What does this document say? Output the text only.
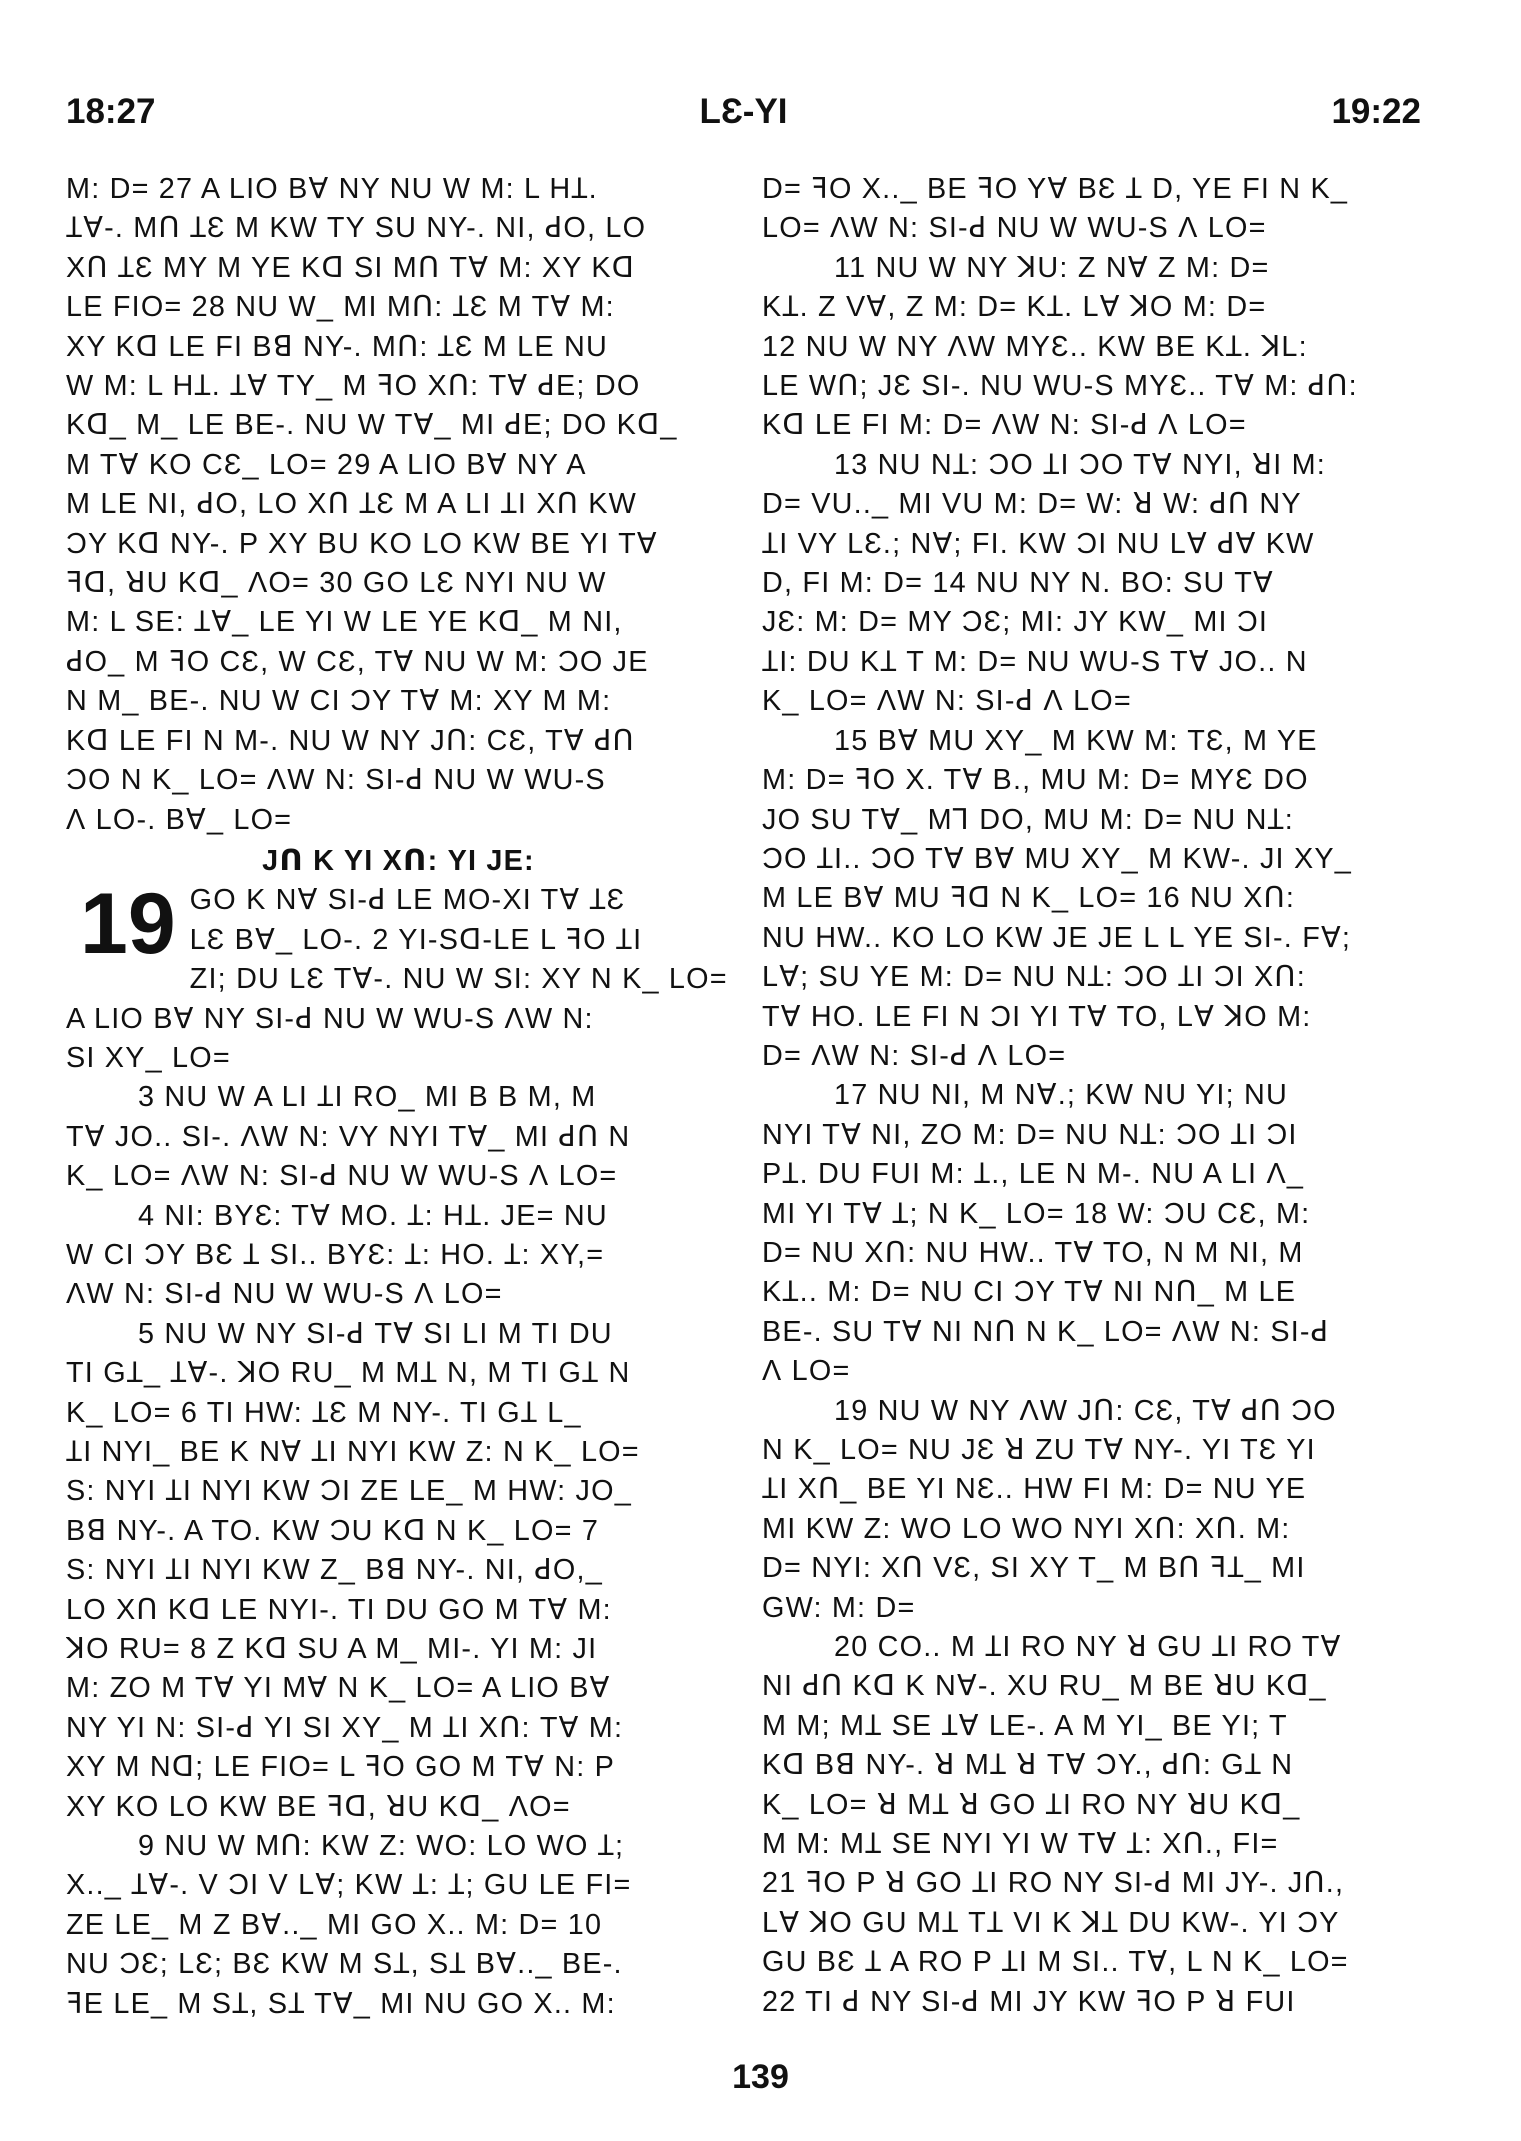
18:27	LƐ-YI	19:22

M: D= 27 A LIO BⱯ NY NU W M: L HꞱ.
ꞱⱯ-. Mꓵ ꞱƐ M KW TY SU NY-. NI, ꓒO, LO
Xꓵ ꞱƐ MY M YE Kꓷ SI Mꓵ TⱯ M: XY Kꓷ
LE FIO= 28 NU W_ MI Mꓵ: ꞱƐ M TⱯ M:
XY Kꓷ LE FI Bꓭ NY-. Mꓵ: ꞱƐ M LE NU
W M: L HꞱ. ꞱⱯ TY_ M ꟻO Xꓵ: TⱯ ꓒE; DO
Kꓷ_ M_ LE BE-. NU W TⱯ_ MI ꓒE; DO Kꓷ_
M TⱯ KO CƐ_ LO= 29 A LIO BⱯ NY A
M LE NI, ꓒO, LO Xꓵ ꞱƐ M A LI ꞱI Xꓵ KW
ƆY Kꓷ NY-. P XY BU KO LO KW BE YI TⱯ
ꟻꓷ, ꓤU Kꓷ_ ɅO= 30 GO LƐ NYI NU W
M: L SE: ꞱⱯ_ LE YI W LE YE Kꓷ_ M NI,
ꓒO_ M ꟻO CƐ, W CƐ, TⱯ NU W M: ƆO JE
N M_ BE-. NU W CI ƆY TⱯ M: XY M M:
Kꓷ LE FI N M-. NU W NY Jꓵ: CƐ, TⱯ ꓒꓵ
ƆO N K_ LO= ɅW N: SI-ꓒ NU W WU-S
Ʌ LO-. BⱯ_ LO=

Jꓵ K YI Xꓵ: YI JE:
19 GO K NⱯ SI-ꓒ LE MO-XI TⱯ ꞱƐ
LƐ BⱯ_ LO-. 2 YI-Sꓷ-LE L ꟻO ꞱI
ZI; DU LƐ TⱯ-. NU W SI: XY N K_ LO=
A LIO BⱯ NY SI-ꓒ NU W WU-S ɅW N:
SI XY_ LO=

3 NU W A LI ꞱI RO_ MI B B M, M
TⱯ JO.. SI-. ɅW N: VY NYI TⱯ_ MI ꓒꓵ N
K_ LO= ɅW N: SI-ꓒ NU W WU-S Ʌ LO=

4 NI: BYƐ: TⱯ MO. Ʇ: HꞱ. JE= NU
W CI ƆY BƐ Ʇ SI.. BYƐ: Ʇ: HO. Ʇ: XY,=
ɅW N: SI-ꓒ NU W WU-S Ʌ LO=

5 NU W NY SI-ꓒ TⱯ SI LI M TI DU
TI GꞱ_ ꞱⱯ-. ꓘO RU_ M MꞱ N, M TI GꞱ N
K_ LO= 6 TI HW: ꞱƐ M NY-. TI GꞱ L_
ꞱI NYI_ BE K NⱯ ꞱI NYI KW Z: N K_ LO=
S: NYI ꞱI NYI KW ƆI ZE LE_ M HW: JO_
Bꓭ NY-. A TO. KW ƆU Kꓷ N K_ LO= 7
S: NYI ꞱI NYI KW Z_ Bꓭ NY-. NI, ꓒO,_
LO Xꓵ Kꓷ LE NYI-. TI DU GO M TⱯ M:
ꓘO RU= 8 Z Kꓷ SU A M_ MI-. YI M: JI
M: ZO M TⱯ YI MⱯ N K_ LO= A LIO BⱯ
NY YI N: SI-ꓒ YI SI XY_ M ꞱI Xꓵ: TⱯ M:
XY M Nꓷ; LE FIO= L ꟻO GO M TⱯ N: P
XY KO LO KW BE ꟻꓷ, ꓤU Kꓷ_ ɅO=

9 NU W Mꓵ: KW Z: WO: LO WO Ʇ;
X.._ ꞱⱯ-. V ƆI V LⱯ; KW Ʇ: Ʇ; GU LE FI=
ZE LE_ M Z BⱯ.._ MI GO X.. M: D= 10
NU ƆƐ; LƐ; BƐ KW M SꞱ, SꞱ BⱯ.._ BE-.
ꟻE LE_ M SꞱ, SꞱ TⱯ_ MI NU GO X.. M:

D= ꟻO X.._ BE ꟻO YⱯ BƐ Ʇ D, YE FI N K_
LO= ɅW N: SI-ꓒ NU W WU-S Ʌ LO=

11 NU W NY ꓘU: Z NⱯ Z M: D=
KꞱ. Z VⱯ, Z M: D= KꞱ. LⱯ ꓘO M: D=
12 NU W NY ɅW MYƐ.. KW BE KꞱ. ꓘL:
LE Wꓵ; JƐ SI-. NU WU-S MYƐ.. TⱯ M: ꓒꓵ:
Kꓷ LE FI M: D= ɅW N: SI-ꓒ Ʌ LO=

13 NU NꞱ: ƆO ꞱI ƆO TⱯ NYI, ꓤI M:
D= VU.._ MI VU M: D= W: ꓤ W: ꓒꓵ NY
ꞱI VY LƐ.; NⱯ; FI. KW ƆI NU LⱯ ꓒⱯ KW
D, FI M: D= 14 NU NY N. BO: SU TⱯ
JƐ: M: D= MY ƆƐ; MI: JY KW_ MI ƆI
ꞱI: DU KꞱ T M: D= NU WU-S TⱯ JO.. N
K_ LO= ɅW N: SI-ꓒ Ʌ LO=

15 BⱯ MU XY_ M KW M: TƐ, M YE
M: D= ꟻO X. TⱯ B., MU M: D= MYƐ DO
JO SU TⱯ_ Mꓶ DO, MU M: D= NU NꞱ:
ƆO ꞱI.. ƆO TⱯ BⱯ MU XY_ M KW-. JI XY_
M LE BⱯ MU ꟻꓷ N K_ LO= 16 NU Xꓵ:
NU HW.. KO LO KW JE JE L L YE SI-. FⱯ;
LⱯ; SU YE M: D= NU NꞱ: ƆO ꞱI ƆI Xꓵ:
TⱯ HO. LE FI N ƆI YI TⱯ TO, LⱯ ꓘO M:
D= ɅW N: SI-ꓒ Ʌ LO=

17 NU NI, M NⱯ.; KW NU YI; NU
NYI TⱯ NI, ZO M: D= NU NꞱ: ƆO ꞱI ƆI
PꞱ. DU FUI M: Ʇ., LE N M-. NU A LI Ʌ_
MI YI TⱯ Ʇ; N K_ LO= 18 W: ƆU CƐ, M:
D= NU Xꓵ: NU HW.. TⱯ TO, N M NI, M
KꞱ.. M: D= NU CI ƆY TⱯ NI Nꓵ_ M LE
BE-. SU TⱯ NI Nꓵ N K_ LO= ɅW N: SI-ꓒ
Ʌ LO=

19 NU W NY ɅW Jꓵ: CƐ, TⱯ ꓒꓵ ƆO
N K_ LO= NU JƐ ꓤ ZU TⱯ NY-. YI TƐ YI
ꞱI Xꓵ_ BE YI NƐ.. HW FI M: D= NU YE
MI KW Z: WO LO WO NYI Xꓵ: Xꓵ. M:
D= NYI: Xꓵ VƐ, SI XY T_ M Bꓵ ꟻꞱ_ MI
GW: M: D=

20 CO.. M ꞱI RO NY ꓤ GU ꞱI RO TⱯ
NI ꓒꓵ Kꓷ K NⱯ-. XU RU_ M BE ꓤU Kꓷ_
M M; MꞱ SE ꞱⱯ LE-. A M YI_ BE YI; T
Kꓷ Bꓭ NY-. ꓤ MꞱ ꓤ TⱯ ƆY., ꓒꓵ: GꞱ N
K_ LO= ꓤ MꞱ ꓤ GO ꞱI RO NY ꓤU Kꓷ_
M M: MꞱ SE NYI YI W TⱯ Ʇ: Xꓵ., FI=
21 ꟻO P ꓤ GO ꞱI RO NY SI-ꓒ MI JY-. Jꓵ.,
LⱯ ꓘO GU MꞱ TꞱ VI K ꓘꞱ DU KW-. YI ƆY
GU BƐ Ʇ A RO P ꞱI M SI.. TⱯ, L N K_ LO=
22 TI ꓒ NY SI-ꓒ MI JY KW ꟻO P ꓤ FUI

139
